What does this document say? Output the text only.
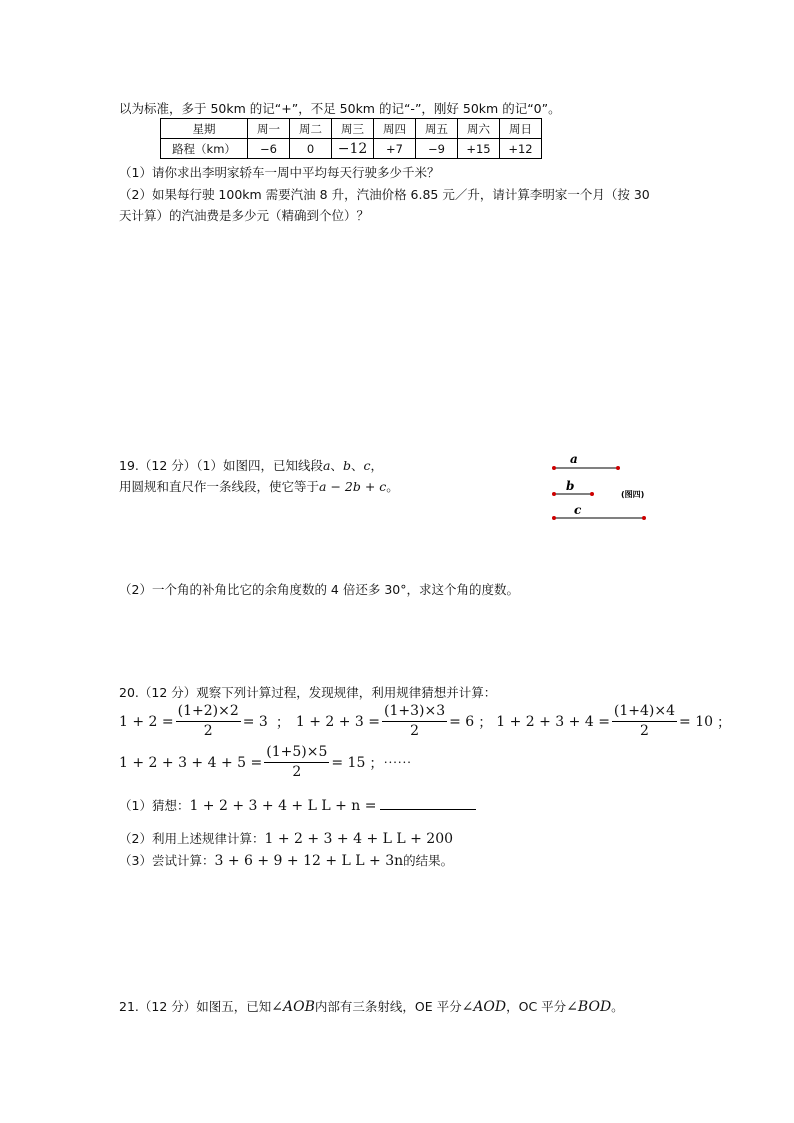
以为标准，多于 50km 的记“+”，不足 50km 的记“-”，刚好 50km 的记“0”。
星期	周一	周二	周三	周四	周五	周六	周日
路程（km）	−6	0	−12	+7	−9	+15	+12
（1）请你求出李明家轿车一周中平均每天行驶多少千米？
（2）如果每行驶 100km 需要汽油 8 升，汽油价格 6.85 元／升，请计算李明家一个月（按 30
天计算）的汽油费是多少元（精确到个位）？
19.（12 分）（1）如图四，已知线段a、b、c，
用圆规和直尺作一条线段，使它等于a − 2b + c。
a
b
(图四)
c
（2）一个角的补角比它的余角度数的 4 倍还多 30°，求这个角的度数。
20.（12 分）观察下列计算过程，发现规律，利用规律猜想并计算：
$1 + 2 = \frac{(1+2)\times 2}{2} = 3$ ； $1 + 2 + 3 = \frac{(1+3)\times 3}{2} = 6$ ； $1 + 2 + 3 + 4 = \frac{(1+4)\times 4}{2} = 10$ ；
$1 + 2 + 3 + 4 + 5 = \frac{(1+5)\times 5}{2} = 15$ ；⋯⋯
（1）猜想：1 + 2 + 3 + 4 + L L + n =
（2）利用上述规律计算：1 + 2 + 3 + 4 + L L + 200
（3）尝试计算：3 + 6 + 9 + 12 + L L + 3n的结果。
21.（12 分）如图五，已知∠AOB内部有三条射线，OE 平分∠AOD，OC 平分∠BOD。
